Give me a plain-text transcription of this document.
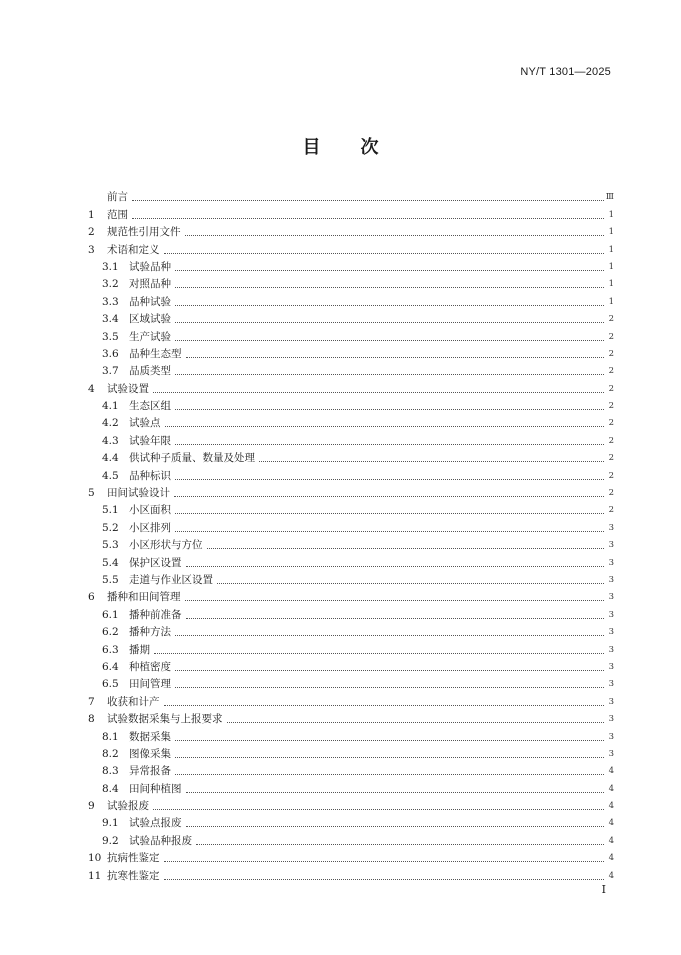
NY/T 1301—2025
目 次
前言	Ⅲ
1	范围	1
2	规范性引用文件	1
3	术语和定义	1
3.1 试验品种	1
3.2 对照品种	1
3.3 品种试验	1
3.4 区域试验	2
3.5 生产试验	2
3.6 品种生态型	2
3.7 品质类型	2
4	试验设置	2
4.1 生态区组	2
4.2 试验点	2
4.3 试验年限	2
4.4 供试种子质量、数量及处理	2
4.5 品种标识	2
5	田间试验设计	2
5.1 小区面积	2
5.2 小区排列	3
5.3 小区形状与方位	3
5.4 保护区设置	3
5.5 走道与作业区设置	3
6	播种和田间管理	3
6.1 播种前准备	3
6.2 播种方法	3
6.3 播期	3
6.4 种植密度	3
6.5 田间管理	3
7	收获和计产	3
8	试验数据采集与上报要求	3
8.1 数据采集	3
8.2 图像采集	3
8.3 异常报备	4
8.4 田间种植图	4
9	试验报废	4
9.1 试验点报废	4
9.2 试验品种报废	4
10 抗病性鉴定	4
11 抗寒性鉴定	4
Ⅰ
